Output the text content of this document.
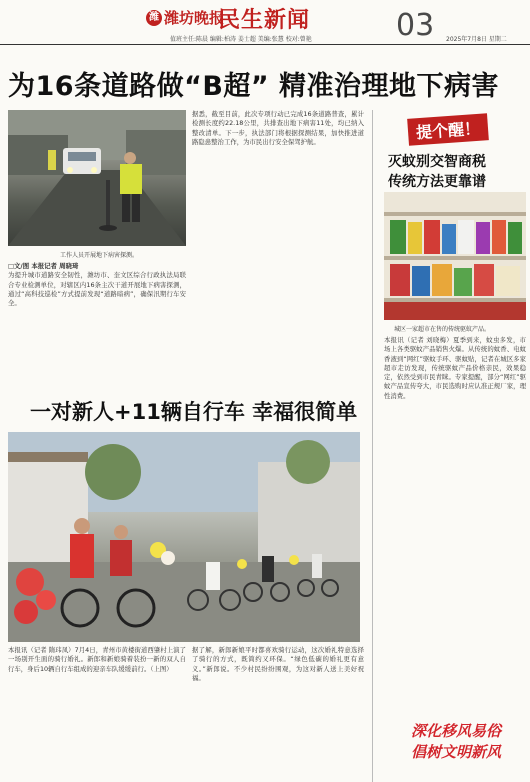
潍 潍坊晚报
民生新闻	03
值班主任:陈晨 编辑:柏涛 姜士超 美编:张慧 校对:曾艳	2025年7月8日 星期二
为16条道路做“B超” 精准治理地下病害
工作人员开展地下病害探测。
□文/图 本报记者 周晓琦
为提升城市道路安全韧性，潍坊市、奎文区综合行政执法局联合专业检测单位，对辖区内16条主次干道开展地下病害探测，通过“高科技巡检”方式提前发现“道路暗病”，确保汛期行车安全。
据悉，截至目前，此次专项行动已完成16条道路普查，累计检测长度约22.18公里，共排查出地下病害11处，均已纳入整改清单。下一步，执法部门将根据探测结果，加快推进道路隐患整治工作，为市民出行安全保驾护航。
一对新人+11辆自行车 幸福很简单
本报讯（记者 隋玮凤）7月4日，青州市黄楼街道西肇村上演了一场别开生面的骑行婚礼。新郎和新娘骑着装扮一新的双人自行车，身后10辆自行车组成的迎亲车队缓缓前行。（上图）
据了解，新郎新娘平时都喜欢骑行运动，这次婚礼特意选择了骑行的方式，既简约又环保。“绿色低碳的婚礼更有意义。”新郎说。不少村民纷纷围观，为这对新人送上美好祝福。
提个醒！
灭蚊别交智商税
传统方法更靠谱
城区一家超市在售的传统驱蚊产品。
本报讯（记者 刘晓梅）夏季到来，蚊虫多发，市场上各类驱蚊产品销售火爆。从传统的蚊香、电蚊香液到“网红”驱蚊手环、驱蚊贴，记者在城区多家超市走访发现，传统驱蚊产品价格亲民，效果稳定，依然受到市民青睐。专家提醒，部分“网红”驱蚊产品宣传夸大，市民选购时应认准正规厂家，理性消费。
深化移风易俗
倡树文明新风
